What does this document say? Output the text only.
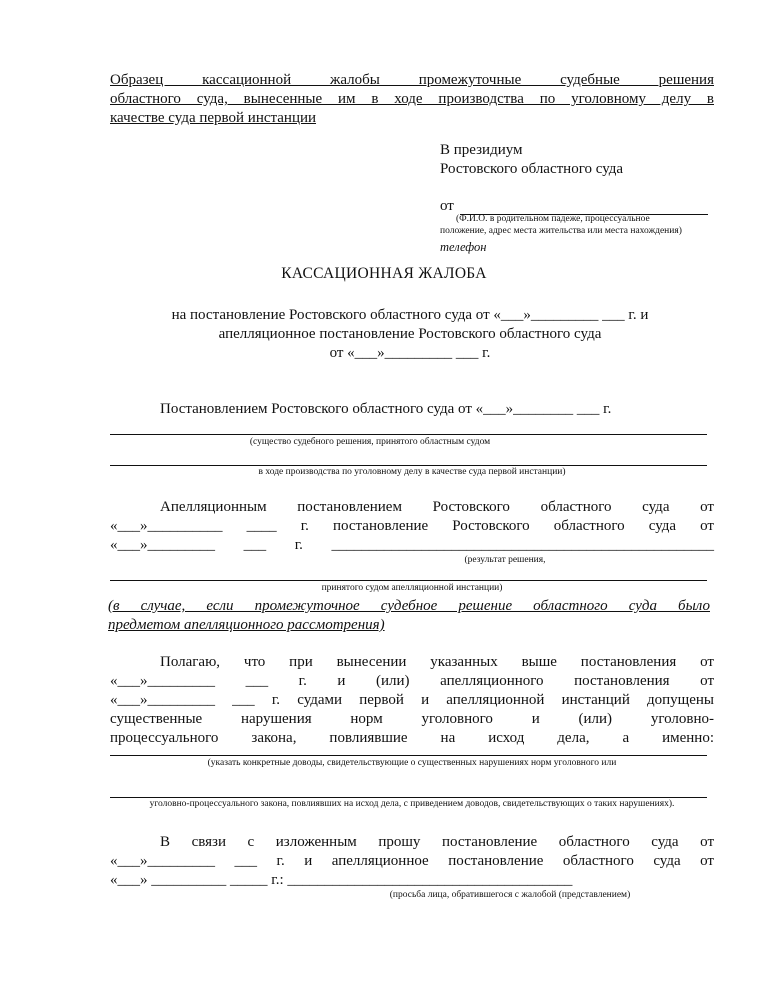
Образец кассационной жалобы промежуточные судебные решения
областного суда, вынесенные им в ходе производства по уголовному делу в
качестве суда первой инстанции
В президиум
Ростовского областного суда
от
(Ф.И.О. в родительном падеже, процессуальное
положение, адрес места жительства или места нахождения)
телефон
КАССАЦИОННАЯ ЖАЛОБА
на постановление Ростовского областного суда от «___»_________ ___ г. и
апелляционное постановление Ростовского областного суда
от «___»_________ ___ г.
Постановлением Ростовского областного суда от «___»________ ___ г.
(существо судебного решения, принятого областным судом
в ходе производства по уголовному делу в качестве суда первой инстанции)
Апелляционным постановлением Ростовского областного суда от
«___»__________ ____ г. постановление Ростовского областного суда от
«___»_________ ___ г. ___________________________________________________
(результат решения,
принятого судом апелляционной инстанции)
(в случае, если промежуточное судебное решение областного суда было
предметом апелляционного рассмотрения)
Полагаю, что при вынесении указанных выше постановления от
«___»_________ ___ г. и (или) апелляционного постановления от
«___»_________ ___ г. судами первой и апелляционной инстанций допущены
существенные нарушения норм уголовного и (или) уголовно-
процессуального закона, повлиявшие на исход дела, а именно:
(указать конкретные доводы, свидетельствующие о существенных нарушениях норм уголовного или
уголовно-процессуального закона, повлиявших на исход дела, с приведением доводов, свидетельствующих о таких нарушениях).
В связи с изложенным прошу постановление областного суда от
«___»_________ ___ г. и апелляционное постановление областного суда от
«___» __________ _____ г.: ______________________________________
(просьба лица, обратившегося с жалобой (представлением)
